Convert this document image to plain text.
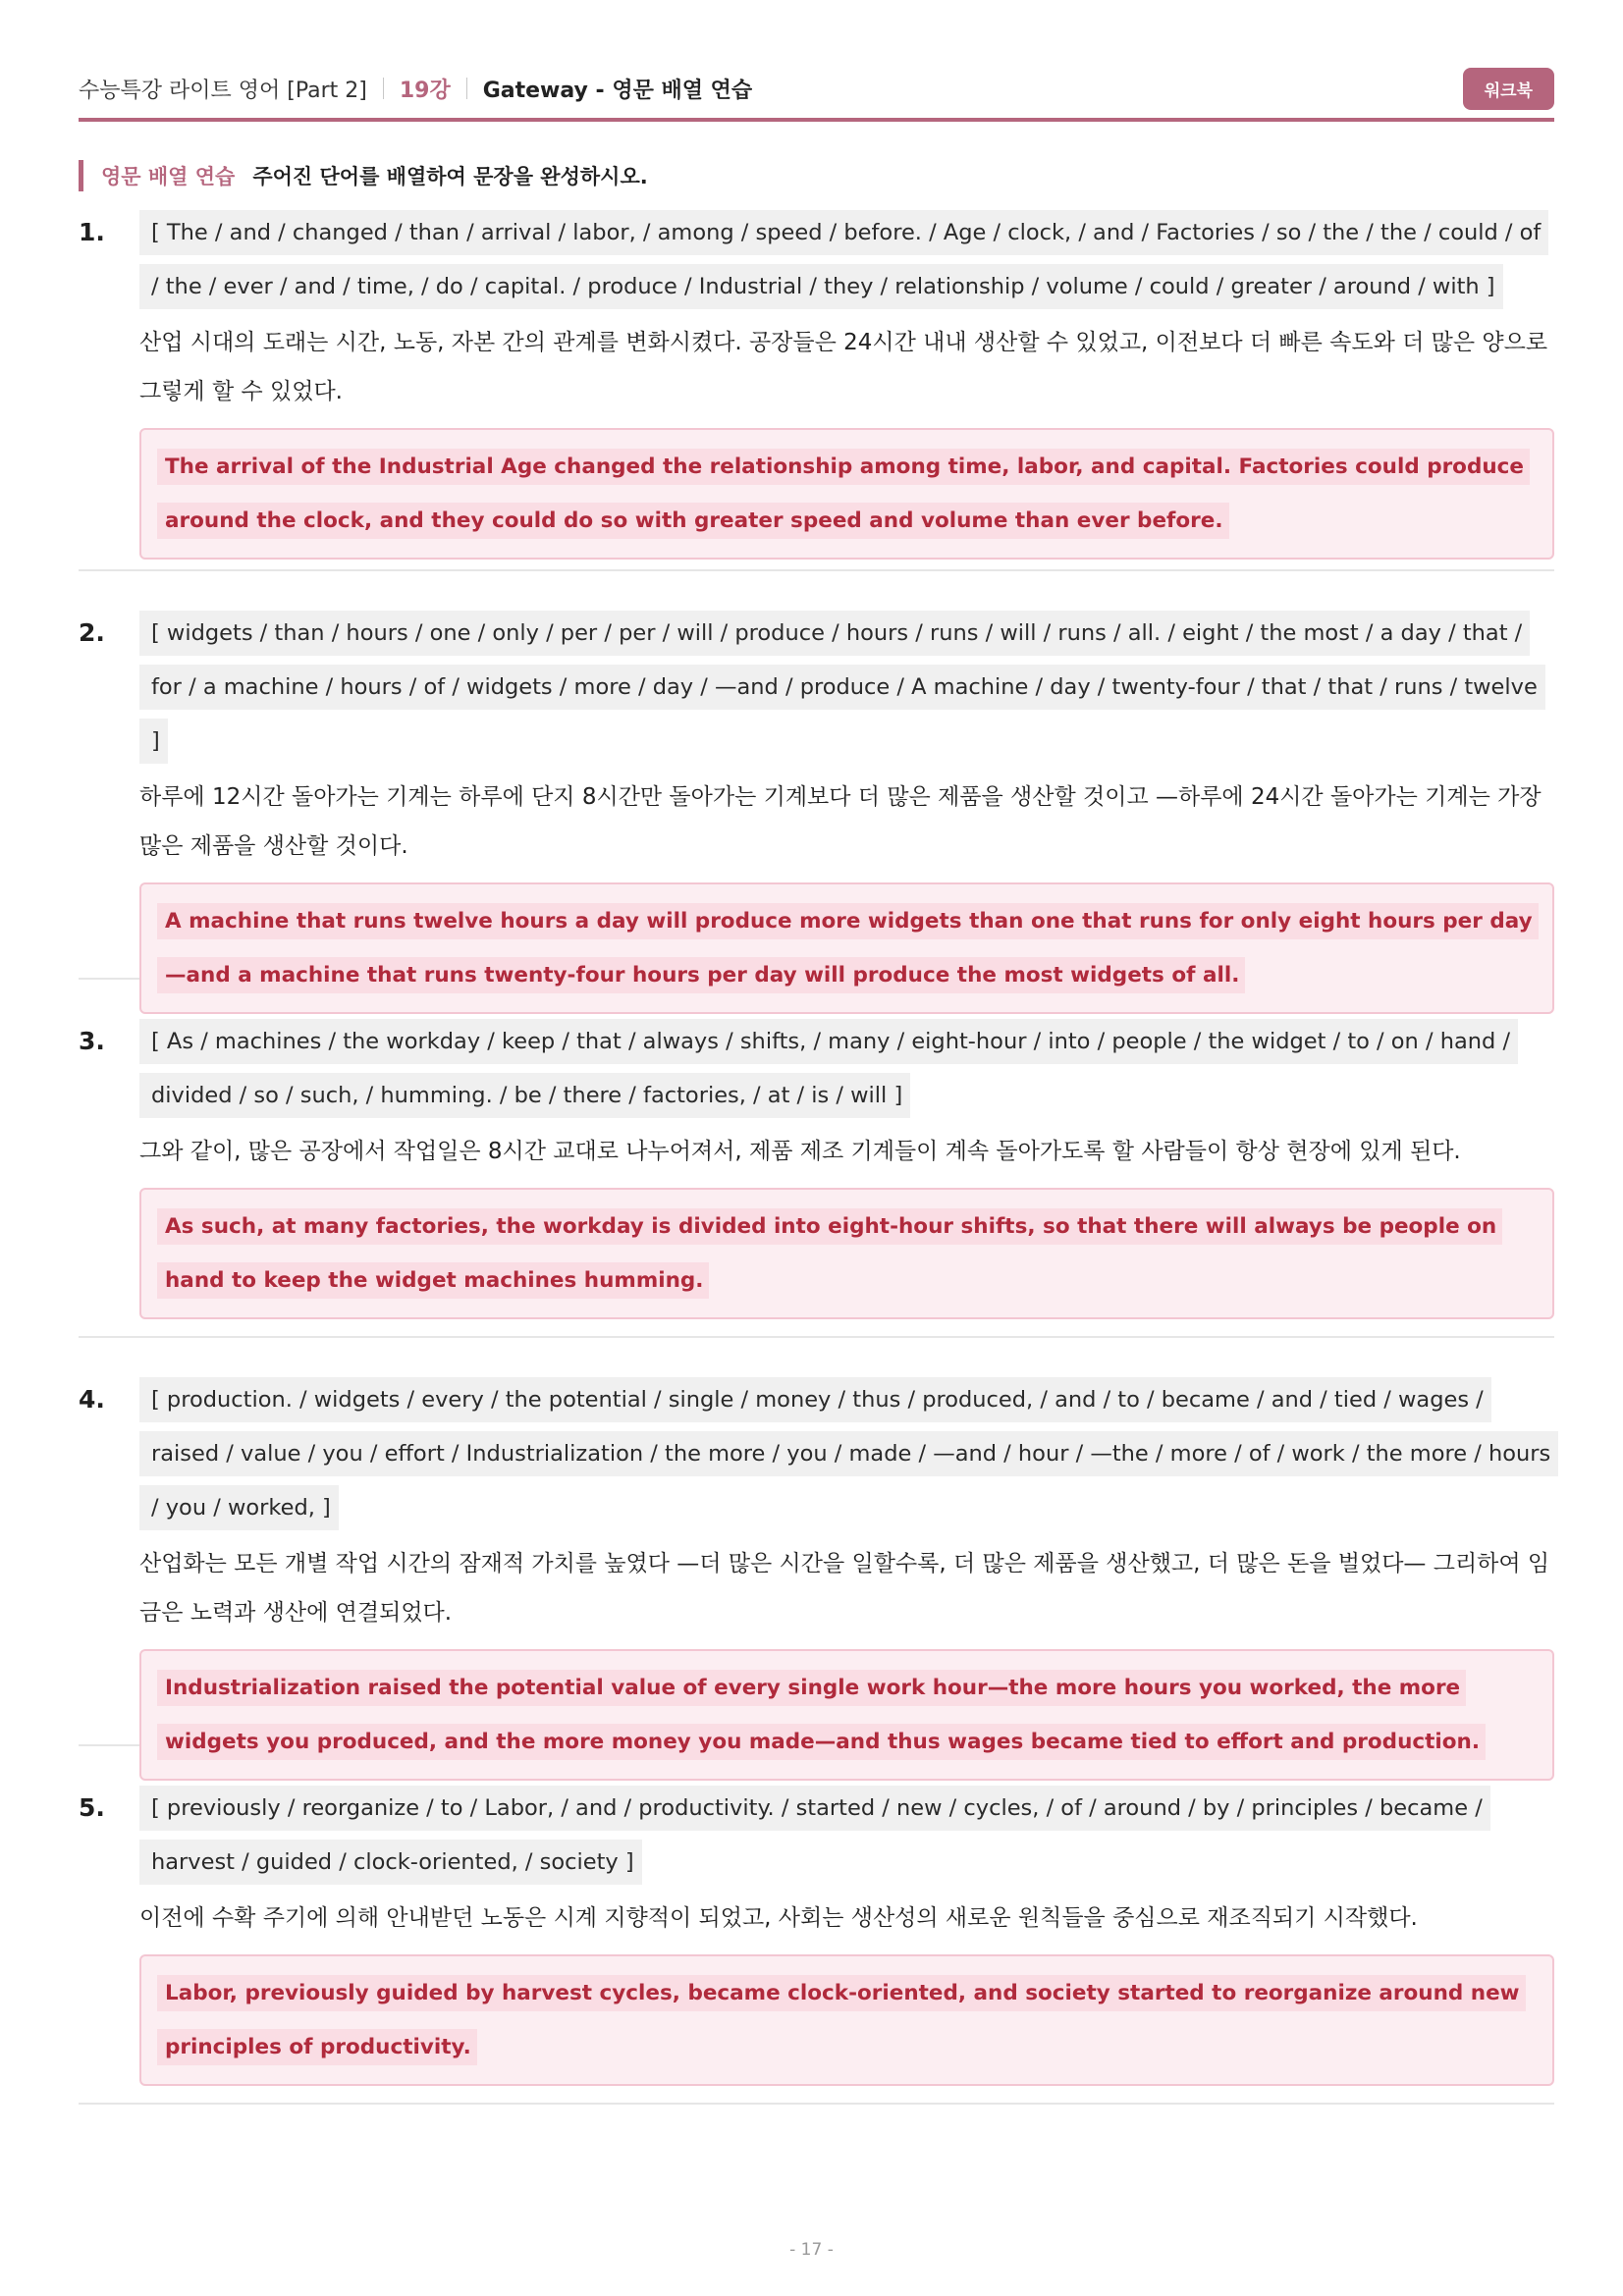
수능특강 라이트 영어 [Part 2] 19강 Gateway - 영문 배열 연습	워크북
영문 배열 연습 주어진 단어를 배열하여 문장을 완성하시오.
1.	[ The / and / changed / than / arrival / labor, / among / speed / before. / Age / clock, / and / Factories / so / the / the / could / of / the / ever / and / time, / do / capital. / produce / Industrial / they / relationship / volume / could / greater / around / with ]
산업 시대의 도래는 시간, 노동, 자본 간의 관계를 변화시켰다. 공장들은 24시간 내내 생산할 수 있었고, 이전보다 더 빠른 속도와 더 많은 양으로 그렇게 할 수 있었다.
The arrival of the Industrial Age changed the relationship among time, labor, and capital. Factories could produce around the clock, and they could do so with greater speed and volume than ever before.
2.	[ widgets / than / hours / one / only / per / per / will / produce / hours / runs / will / runs / all. / eight / the most / a day / that / for / a machine / hours / of / widgets / more / day / —and / produce / A machine / day / twenty-four / that / that / runs / twelve ]
하루에 12시간 돌아가는 기계는 하루에 단지 8시간만 돌아가는 기계보다 더 많은 제품을 생산할 것이고 —하루에 24시간 돌아가는 기계는 가장 많은 제품을 생산할 것이다.
A machine that runs twelve hours a day will produce more widgets than one that runs for only eight hours per day—and a machine that runs twenty-four hours per day will produce the most widgets of all.
3.	[ As / machines / the workday / keep / that / always / shifts, / many / eight-hour / into / people / the widget / to / on / hand / divided / so / such, / humming. / be / there / factories, / at / is / will ]
그와 같이, 많은 공장에서 작업일은 8시간 교대로 나누어져서, 제품 제조 기계들이 계속 돌아가도록 할 사람들이 항상 현장에 있게 된다.
As such, at many factories, the workday is divided into eight-hour shifts, so that there will always be people on hand to keep the widget machines humming.
4.	[ production. / widgets / every / the potential / single / money / thus / produced, / and / to / became / and / tied / wages / raised / value / you / effort / Industrialization / the more / you / made / —and / hour / —the / more / of / work / the more / hours / you / worked, ]
산업화는 모든 개별 작업 시간의 잠재적 가치를 높였다 —더 많은 시간을 일할수록, 더 많은 제품을 생산했고, 더 많은 돈을 벌었다— 그리하여 임금은 노력과 생산에 연결되었다.
Industrialization raised the potential value of every single work hour—the more hours you worked, the more widgets you produced, and the more money you made—and thus wages became tied to effort and production.
5.	[ previously / reorganize / to / Labor, / and / productivity. / started / new / cycles, / of / around / by / principles / became / harvest / guided / clock-oriented, / society ]
이전에 수확 주기에 의해 안내받던 노동은 시계 지향적이 되었고, 사회는 생산성의 새로운 원칙들을 중심으로 재조직되기 시작했다.
Labor, previously guided by harvest cycles, became clock-oriented, and society started to reorganize around new principles of productivity.
- 17 -
